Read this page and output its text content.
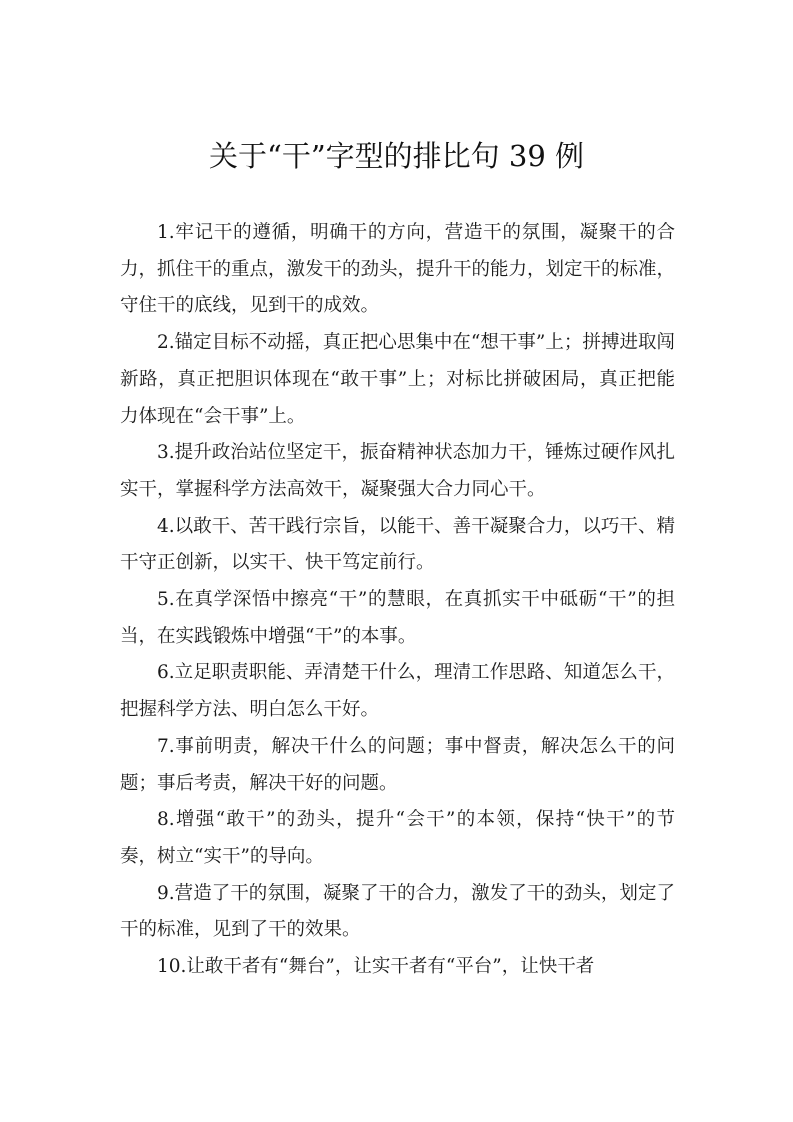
关于“干”字型的排比句 39 例

1.牢记干的遵循，明确干的方向，营造干的氛围，凝聚干的合力，抓住干的重点，激发干的劲头，提升干的能力，划定干的标准，守住干的底线，见到干的成效。

2.锚定目标不动摇，真正把心思集中在“想干事”上；拼搏进取闯新路，真正把胆识体现在“敢干事”上；对标比拼破困局，真正把能力体现在“会干事”上。

3.提升政治站位坚定干，振奋精神状态加力干，锤炼过硬作风扎实干，掌握科学方法高效干，凝聚强大合力同心干。

4.以敢干、苦干践行宗旨，以能干、善干凝聚合力，以巧干、精干守正创新，以实干、快干笃定前行。

5.在真学深悟中擦亮“干”的慧眼，在真抓实干中砥砺“干”的担当，在实践锻炼中增强“干”的本事。

6.立足职责职能、弄清楚干什么，理清工作思路、知道怎么干，把握科学方法、明白怎么干好。

7.事前明责，解决干什么的问题；事中督责，解决怎么干的问题；事后考责，解决干好的问题。

8.增强“敢干”的劲头，提升“会干”的本领，保持“快干”的节奏，树立“实干”的导向。

9.营造了干的氛围，凝聚了干的合力，激发了干的劲头，划定了干的标准，见到了干的效果。

10.让敢干者有“舞台”，让实干者有“平台”，让快干者
